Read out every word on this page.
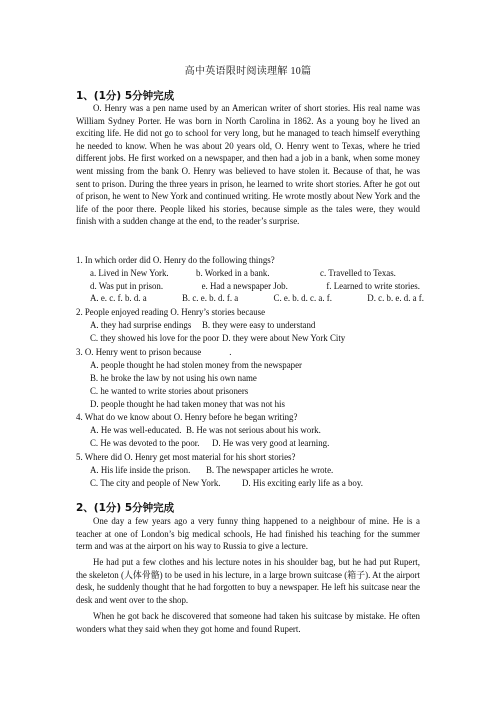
高中英语限时阅读理解 10篇
1、(1分) 5分钟完成

O. Henry was a pen name used by an American writer of short stories. His real name was William Sydney Porter. He was born in North Carolina in 1862. As a young boy he lived an exciting life. He did not go to school for very long, but he managed to teach himself everything he needed to know. When he was about 20 years old, O. Henry went to Texas, where he tried different jobs. He first worked on a newspaper, and then had a job in a bank, when some money went missing from the bank O. Henry was believed to have stolen it. Because of that, he was sent to prison. During the three years in prison, he learned to write short stories. After he got out of prison, he went to New York and continued writing. He wrote mostly about New York and the life of the poor there. People liked his stories, because simple as the tales were, they would finish with a sudden change at the end, to the reader’s surprise.

1. In which order did O. Henry do the following things?
a. Lived in New York.	b. Worked in a bank.	c. Travelled to Texas.
d. Was put in prison.	e. Had a newspaper Job.	f. Learned to write stories.
A. e. c. f. b. d. a	B. c. e. b. d. f. a	C. e. b. d. c. a. f.	D. c. b. e. d. a f.
2. People enjoyed reading O. Henry’s stories because
A. they had surprise endings	B. they were easy to understand
C. they showed his love for the poor D. they were about New York City
3. O. Henry went to prison because	.
A. people thought he had stolen money from the newspaper
B. he broke the law by not using his own name
C. he wanted to write stories about prisoners
D. people thought he had taken money that was not his
4. What do we know about O. Henry before he began writing?
A. He was well-educated. B. He was not serious about his work.
C. He was devoted to the poor.	D. He was very good at learning.
5. Where did O. Henry get most material for his short stories?
A. His life inside the prison.	B. The newspaper articles he wrote.
C. The city and people of New York.	D. His exciting early life as a boy.
2、(1分) 5分钟完成

One day a few years ago a very funny thing happened to a neighbour of mine. He is a teacher at one of London’s big medical schools, He had finished his teaching for the summer term and was at the airport on his way to Russia to give a lecture.

He had put a few clothes and his lecture notes in his shoulder bag, but he had put Rupert, the skeleton (人体骨骼) to be used in his lecture, in a large brown suitcase (箱子). At the airport desk, he suddenly thought that he had forgotten to buy a newspaper. He left his suitcase near the desk and went over to the shop.

When he got back he discovered that someone had taken his suitcase by mistake. He often wonders what they said when they got home and found Rupert.
